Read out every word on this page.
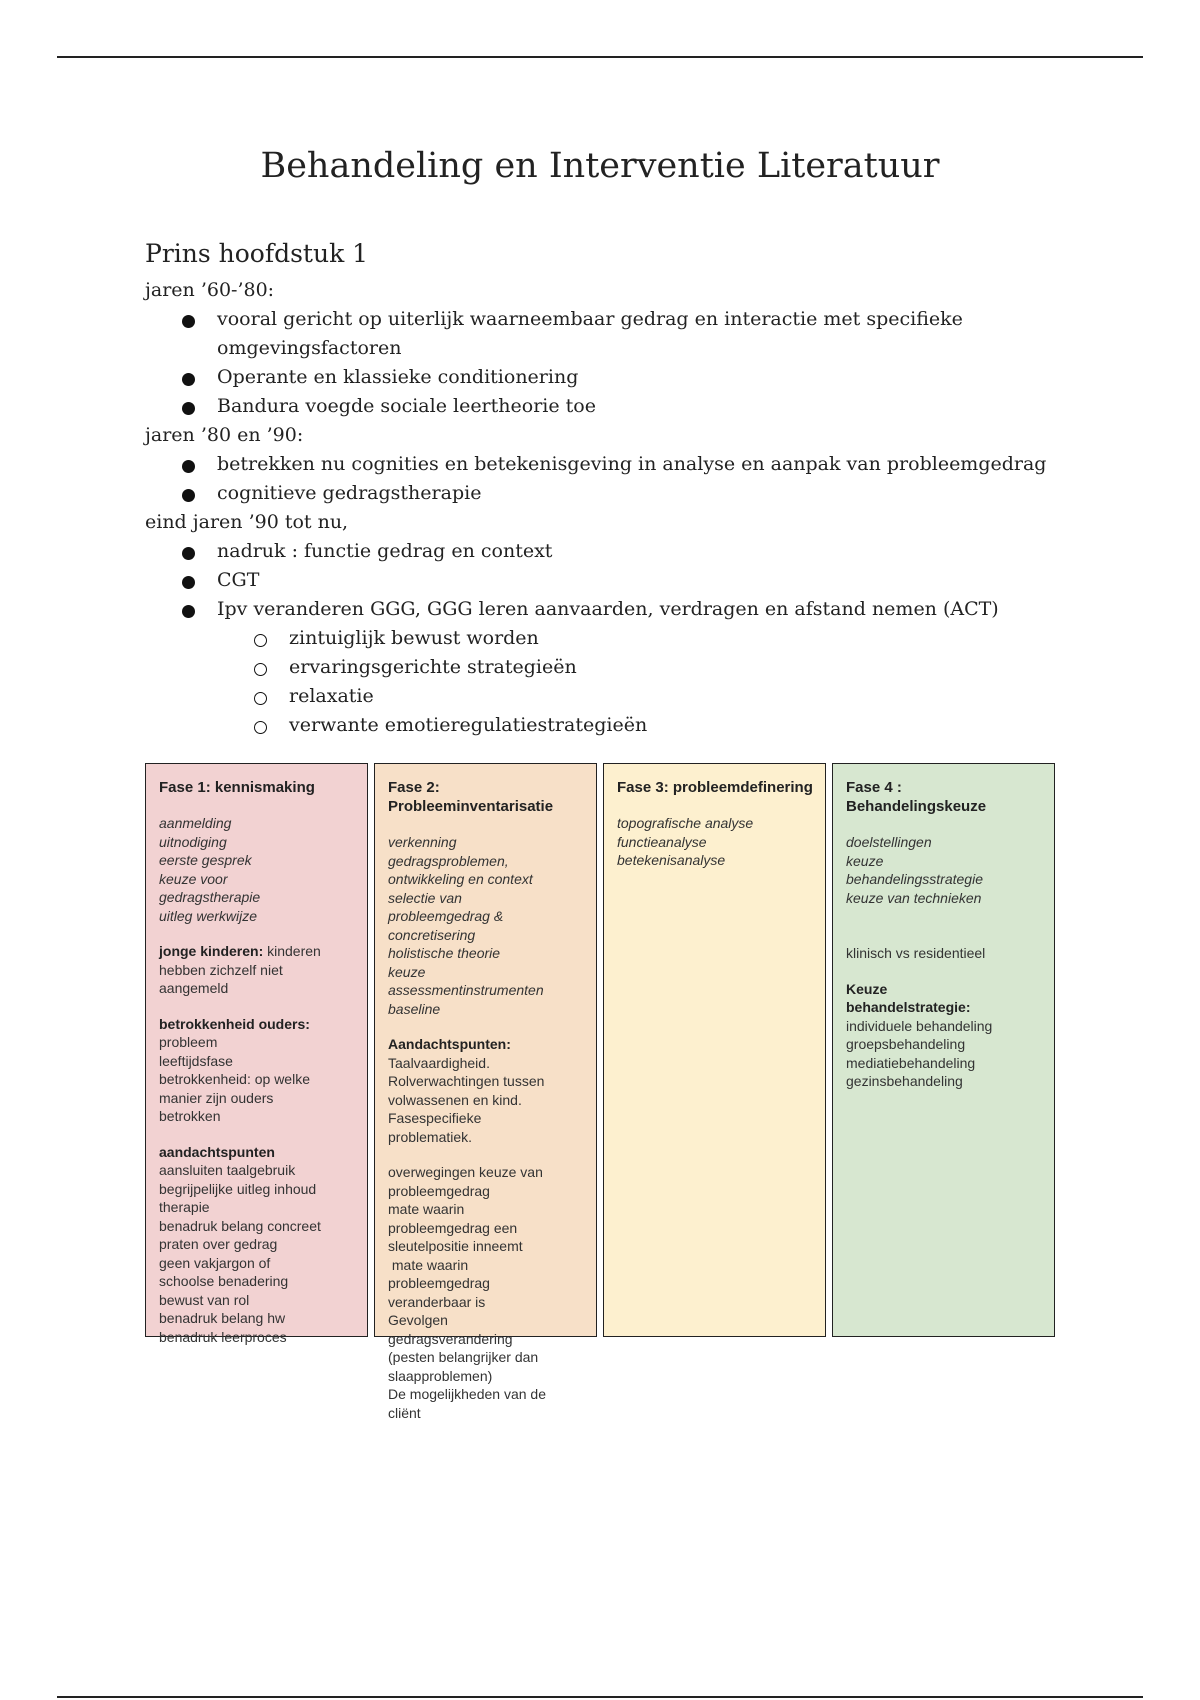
Behandeling en Interventie Literatuur
Prins hoofdstuk 1
jaren ’60-’80:
vooral gericht op uiterlijk waarneembaar gedrag en interactie met specifieke omgevingsfactoren
Operante en klassieke conditionering
Bandura voegde sociale leertheorie toe
jaren ’80 en ’90:
betrekken nu cognities en betekenisgeving in analyse en aanpak van probleemgedrag
cognitieve gedragstherapie
eind jaren ’90 tot nu,
nadruk : functie gedrag en context
CGT
Ipv veranderen GGG, GGG leren aanvaarden, verdragen en afstand nemen (ACT)
zintuiglijk bewust worden
ervaringsgerichte strategieën
relaxatie
verwante emotieregulatiestrategieën
Fase 1: kennismaking
aanmelding
uitnodiging
eerste gesprek
keuze voor
gedragstherapie
uitleg werkwijze
jonge kinderen: kinderen
hebben zichzelf niet
aangemeld
betrokkenheid ouders:
probleem
leeftijdsfase
betrokkenheid: op welke
manier zijn ouders
betrokken
aandachtspunten
aansluiten taalgebruik
begrijpelijke uitleg inhoud
therapie
benadruk belang concreet
praten over gedrag
geen vakjargon of
schoolse benadering
bewust van rol
benadruk belang hw
benadruk leerproces
Fase 2: Probleeminventarisatie
verkenning
gedragsproblemen,
ontwikkeling en context
selectie van
probleemgedrag &
concretisering
holistische theorie
keuze
assessmentinstrumenten
baseline
Aandachtspunten:
Taalvaardigheid.
Rolverwachtingen tussen
volwassenen en kind.
Fasespecifieke
problematiek.
overwegingen keuze van
probleemgedrag
mate waarin
probleemgedrag een
sleutelpositie inneemt
mate waarin
probleemgedrag
veranderbaar is
Gevolgen
gedragsverandering
(pesten belangrijker dan
slaapproblemen)
De mogelijkheden van de
cliënt
Fase 3: probleemdefinering
topografische analyse
functieanalyse
betekenisanalyse
Fase 4 : Behandelingskeuze
doelstellingen
keuze
behandelingsstrategie
keuze van technieken
klinisch vs residentieel
Keuze behandelstrategie:
individuele behandeling
groepsbehandeling
mediatiebehandeling
gezinsbehandeling
